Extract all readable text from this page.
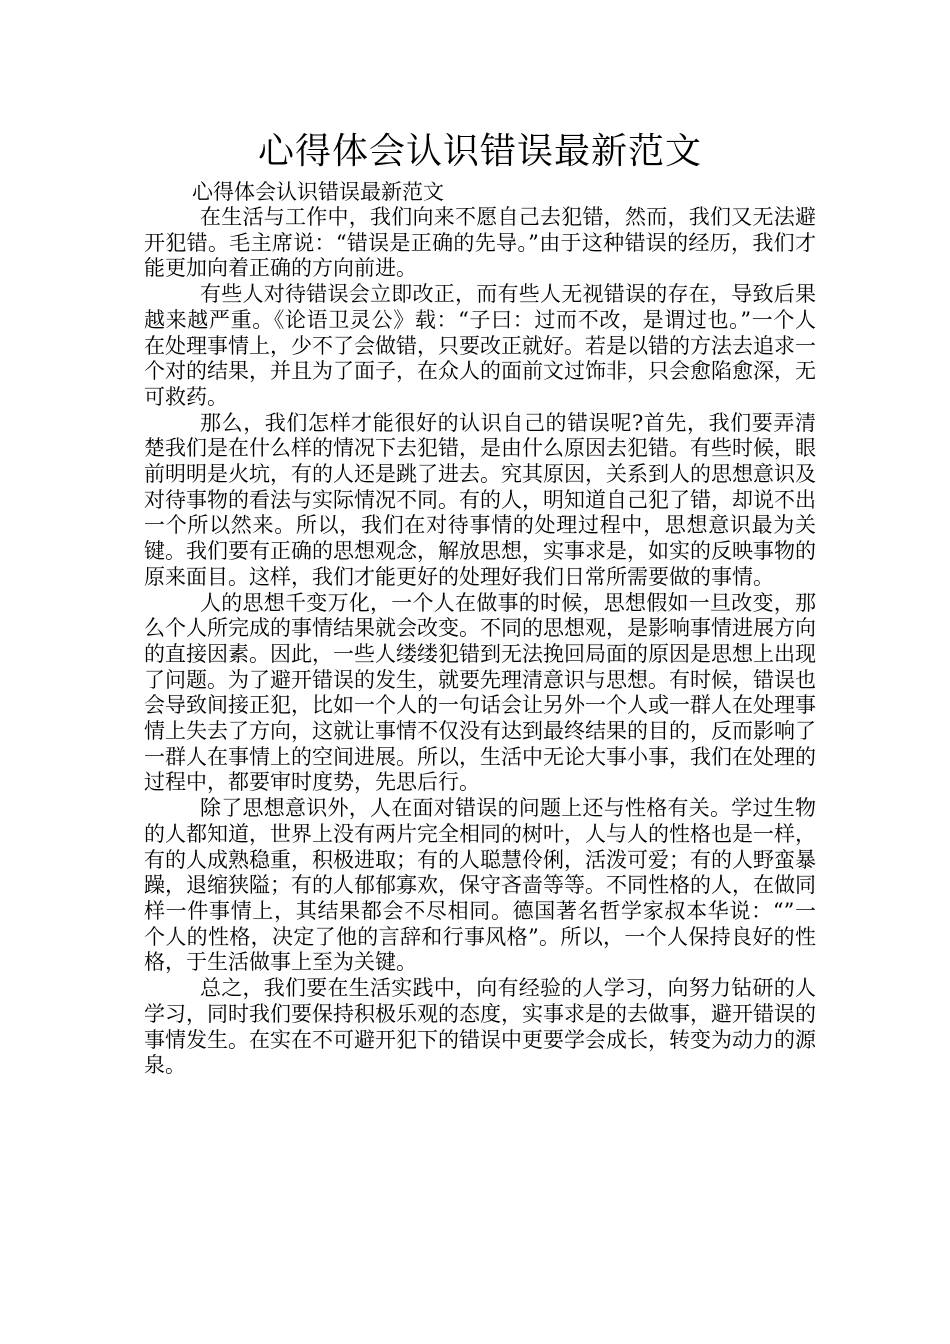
心得体会认识错误最新范文

心得体会认识错误最新范文

在生活与工作中，我们向来不愿自己去犯错，然而，我们又无法避开犯错。毛主席说：“错误是正确的先导。”由于这种错误的经历，我们才能更加向着正确的方向前进。

有些人对待错误会立即改正，而有些人无视错误的存在，导致后果越来越严重。《论语卫灵公》载：“子曰：过而不改，是谓过也。”一个人在处理事情上，少不了会做错，只要改正就好。若是以错的方法去追求一个对的结果，并且为了面子，在众人的面前文过饰非，只会愈陷愈深，无可救药。

那么，我们怎样才能很好的认识自己的错误呢?首先，我们要弄清楚我们是在什么样的情况下去犯错，是由什么原因去犯错。有些时候，眼前明明是火坑，有的人还是跳了进去。究其原因，关系到人的思想意识及对待事物的看法与实际情况不同。有的人，明知道自己犯了错，却说不出一个所以然来。所以，我们在对待事情的处理过程中，思想意识最为关键。我们要有正确的思想观念，解放思想，实事求是，如实的反映事物的原来面目。这样，我们才能更好的处理好我们日常所需要做的事情。

人的思想千变万化，一个人在做事的时候，思想假如一旦改变，那么个人所完成的事情结果就会改变。不同的思想观，是影响事情进展方向的直接因素。因此，一些人缕缕犯错到无法挽回局面的原因是思想上出现了问题。为了避开错误的发生，就要先理清意识与思想。有时候，错误也会导致间接正犯，比如一个人的一句话会让另外一个人或一群人在处理事情上失去了方向，这就让事情不仅没有达到最终结果的目的，反而影响了一群人在事情上的空间进展。所以，生活中无论大事小事，我们在处理的过程中，都要审时度势，先思后行。

除了思想意识外，人在面对错误的问题上还与性格有关。学过生物的人都知道，世界上没有两片完全相同的树叶，人与人的性格也是一样，有的人成熟稳重，积极进取；有的人聪慧伶俐，活泼可爱；有的人野蛮暴躁，退缩狭隘；有的人郁郁寡欢，保守吝啬等等。不同性格的人，在做同样一件事情上，其结果都会不尽相同。德国著名哲学家叔本华说：“”一个人的性格，决定了他的言辞和行事风格”。所以，一个人保持良好的性格，于生活做事上至为关键。

总之，我们要在生活实践中，向有经验的人学习，向努力钻研的人学习，同时我们要保持积极乐观的态度，实事求是的去做事，避开错误的事情发生。在实在不可避开犯下的错误中更要学会成长，转变为动力的源泉。
